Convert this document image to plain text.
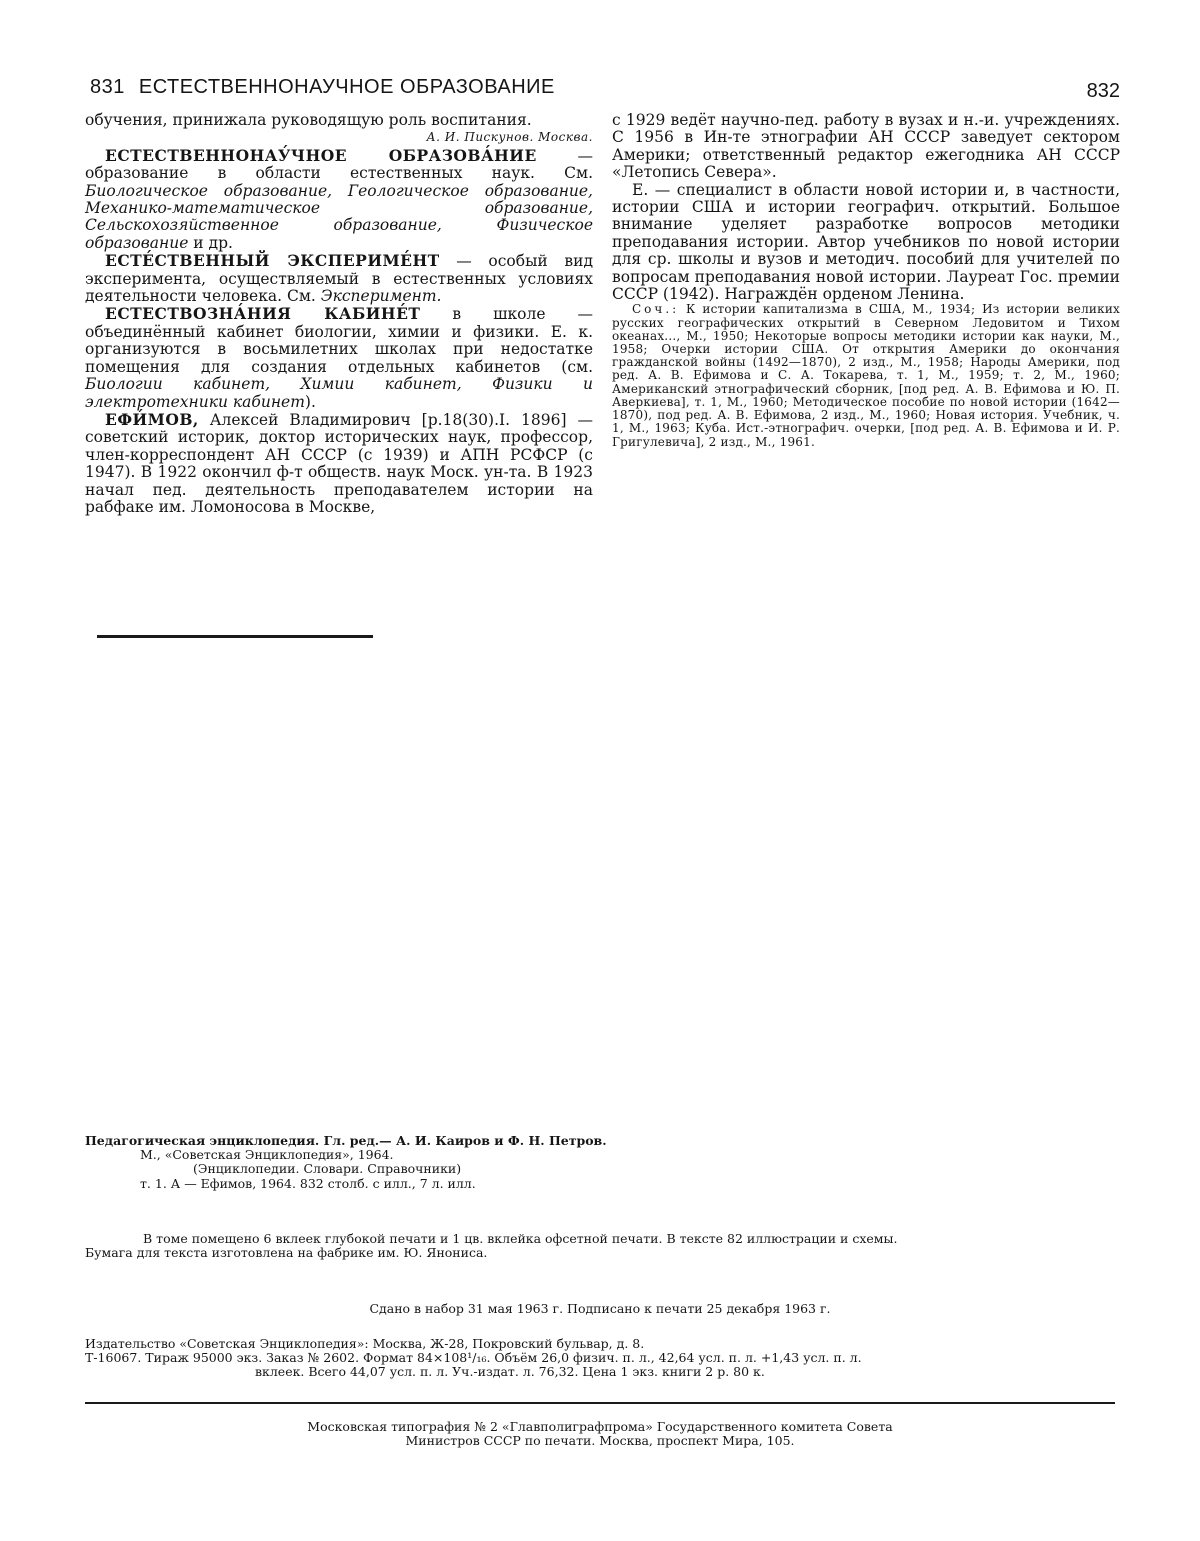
831 ЕСТЕСТВЕННОНАУЧНОЕ ОБРАЗОВАНИЕ	832

обучения, принижала руководящую роль воспитания.

А. И. Пискунов. Москва.

ЕСТЕСТВЕННОНАУ́ЧНОЕ ОБРАЗОВА́НИЕ — образование в области естественных наук. См. Биологическое образование, Геологическое образование, Механико-математическое образование, Сельскохозяйственное образование, Физическое образование и др.

ЕСТЕ́СТВЕННЫЙ ЭКСПЕРИМЕ́НТ — особый вид эксперимента, осуществляемый в естественных условиях деятельности человека. См. Эксперимент.

ЕСТЕСТВОЗНА́НИЯ КАБИНЕ́Т в школе — объединённый кабинет биологии, химии и физики. Е. к. организуются в восьмилетних школах при недостатке помещения для создания отдельных кабинетов (см. Биологии кабинет, Химии кабинет, Физики и электротехники кабинет).

ЕФИ́МОВ, Алексей Владимирович [р.18(30).I. 1896] — советский историк, доктор исторических наук, профессор, член-корреспондент АН СССР (с 1939) и АПН РСФСР (с 1947). В 1922 окончил ф-т обществ. наук Моск. ун-та. В 1923 начал пед. деятельность преподавателем истории на рабфаке им. Ломоносова в Москве,

с 1929 ведёт научно-пед. работу в вузах и н.-и. учреждениях. С 1956 в Ин-те этнографии АН СССР заведует сектором Америки; ответственный редактор ежегодника АН СССР «Летопись Севера».

Е. — специалист в области новой истории и, в частности, истории США и истории географич. открытий. Большое внимание уделяет разработке вопросов методики преподавания истории. Автор учебников по новой истории для ср. школы и вузов и методич. пособий для учителей по вопросам преподавания новой истории. Лауреат Гос. премии СССР (1942). Награждён орденом Ленина.

Соч.: К истории капитализма в США, М., 1934; Из истории великих русских географических открытий в Северном Ледовитом и Тихом океанах..., М., 1950; Некоторые вопросы методики истории как науки, М., 1958; Очерки истории США. От открытия Америки до окончания гражданской войны (1492—1870), 2 изд., М., 1958; Народы Америки, под ред. А. В. Ефимова и С. А. Токарева, т. 1, М., 1959; т. 2, М., 1960; Американский этнографический сборник, [под ред. А. В. Ефимова и Ю. П. Аверкиева], т. 1, М., 1960; Методическое пособие по новой истории (1642—1870), под ред. А. В. Ефимова, 2 изд., М., 1960; Новая история. Учебник, ч. 1, М., 1963; Куба. Ист.-этнографич. очерки, [под ред. А. В. Ефимова и И. Р. Григулевича], 2 изд., М., 1961.

Педагогическая энциклопедия. Гл. ред.— А. И. Каиров и Ф. Н. Петров.

М., «Советская Энциклопедия», 1964.

(Энциклопедии. Словари. Справочники)

т. 1. А — Ефимов, 1964. 832 столб. с илл., 7 л. илл.

В томе помещено 6 вклеек глубокой печати и 1 цв. вклейка офсетной печати. В тексте 82 иллюстрации и схемы.

Бумага для текста изготовлена на фабрике им. Ю. Янониса.

Сдано в набор 31 мая 1963 г. Подписано к печати 25 декабря 1963 г.

Издательство «Советская Энциклопедия»: Москва, Ж-28, Покровский бульвар, д. 8.

Т-16067. Тираж 95000 экз. Заказ № 2602. Формат 84×108¹/₁₆. Объём 26,0 физич. п. л., 42,64 усл. п. л. +1,43 усл. п. л.

вклеек. Всего 44,07 усл. п. л. Уч.-издат. л. 76,32. Цена 1 экз. книги 2 р. 80 к.

Московская типография № 2 «Главполиграфпрома» Государственного комитета Совета

Министров СССР по печати. Москва, проспект Мира, 105.
